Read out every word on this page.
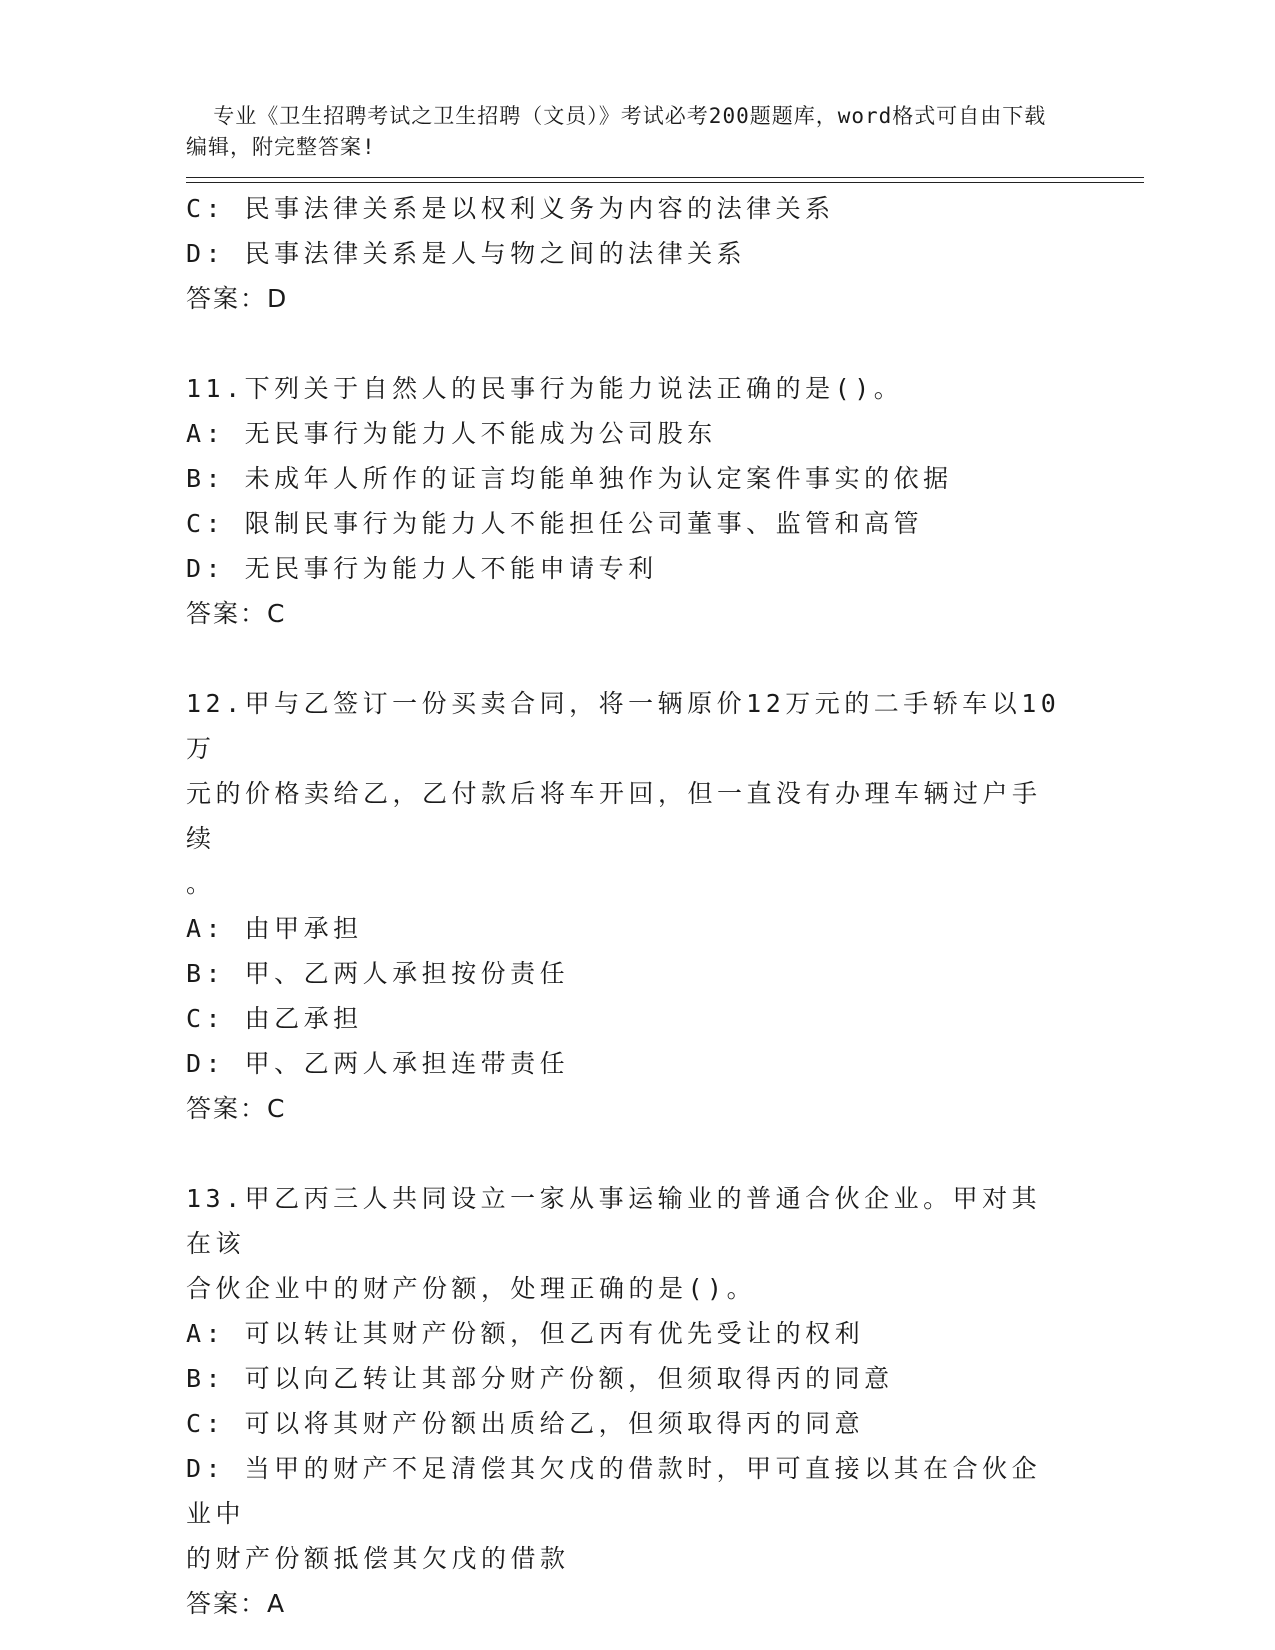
专业《卫生招聘考试之卫生招聘（文员）》考试必考200题题库，word格式可自由下载编辑，附完整答案!

C: 民事法律关系是以权利义务为内容的法律关系
D: 民事法律关系是人与物之间的法律关系
答案：D
11.下列关于自然人的民事行为能力说法正确的是()。
A: 无民事行为能力人不能成为公司股东
B: 未成年人所作的证言均能单独作为认定案件事实的依据
C: 限制民事行为能力人不能担任公司董事、监管和高管
D: 无民事行为能力人不能申请专利
答案：C
12.甲与乙签订一份买卖合同，将一辆原价12万元的二手轿车以10万
元的价格卖给乙，乙付款后将车开回，但一直没有办理车辆过户手续
。
A: 由甲承担
B: 甲、乙两人承担按份责任
C: 由乙承担
D: 甲、乙两人承担连带责任
答案：C
13.甲乙丙三人共同设立一家从事运输业的普通合伙企业。甲对其在该
合伙企业中的财产份额，处理正确的是()。
A: 可以转让其财产份额，但乙丙有优先受让的权利
B: 可以向乙转让其部分财产份额，但须取得丙的同意
C: 可以将其财产份额出质给乙，但须取得丙的同意
D: 当甲的财产不足清偿其欠戊的借款时，甲可直接以其在合伙企业中
的财产份额抵偿其欠戊的借款
答案：A
